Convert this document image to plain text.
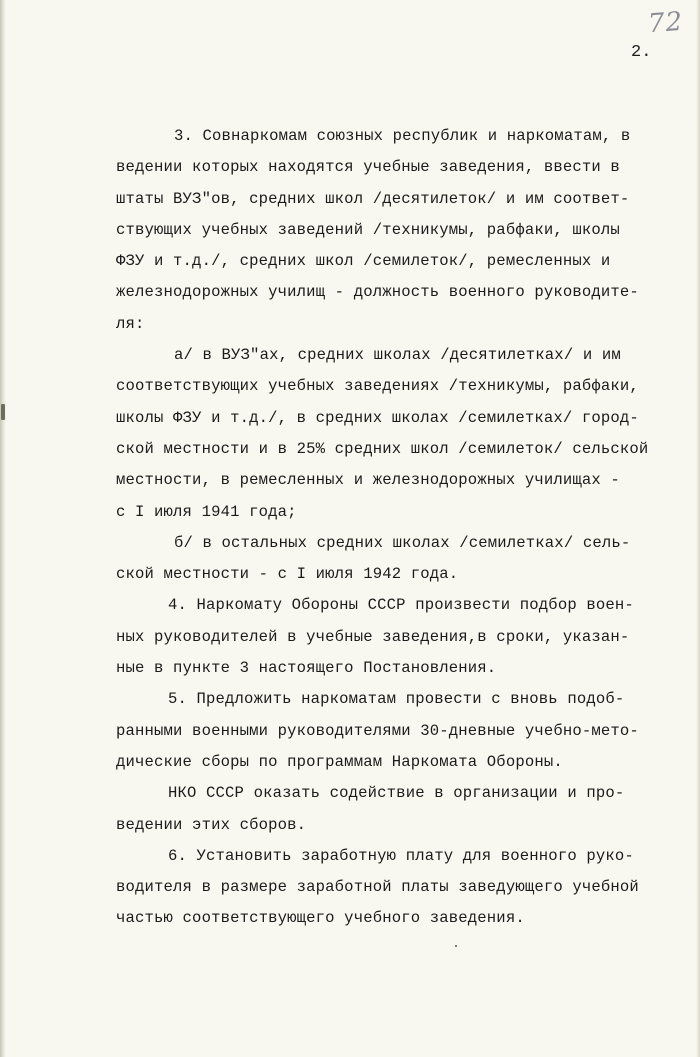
72
2.
3. Совнаркомам союзных республик и наркоматам, в
ведении которых находятся учебные заведения, ввести в
штаты ВУЗ"ов, средних школ /десятилеток/ и им соответ-
ствующих учебных заведений /техникумы, рабфаки, школы
ФЗУ и т.д./, средних школ /семилеток/, ремесленных и
железнодорожных училищ - должность военного руководите-
ля:
а/ в ВУЗ"ах, средних школах /десятилетках/ и им
соответствующих учебных заведениях /техникумы, рабфаки,
школы ФЗУ и т.д./, в средних школах /семилетках/ город-
ской местности и в 25% средних школ /семилеток/ сельской
местности, в ремесленных и железнодорожных училищах -
с I июля 1941 года;
б/ в остальных средних школах /семилетках/ сель-
ской местности - с I июля 1942 года.
4. Наркомату Обороны СССР произвести подбор воен-
ных руководителей в учебные заведения,в сроки, указан-
ные в пункте 3 настоящего Постановления.
5. Предложить наркоматам провести с вновь подоб-
ранными военными руководителями 30-дневные учебно-мето-
дические сборы по программам Наркомата Обороны.
НКО СССР оказать содействие в организации и про-
ведении этих сборов.
6. Установить заработную плату для военного руко-
водителя в размере заработной платы заведующего учебной
частью соответствующего учебного заведения.
